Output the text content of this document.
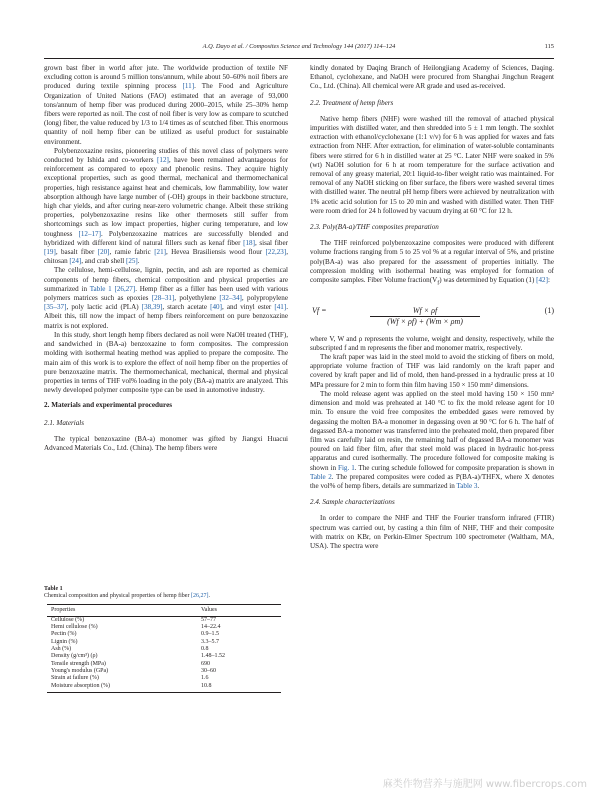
A.Q. Dayo et al. / Composites Science and Technology 144 (2017) 114–124	115

grown bast fiber in world after jute. The worldwide production of textile NF excluding cotton is around 5 million tons/annum, while about 50–60% noil fibers are produced during textile spinning process [11]. The Food and Agriculture Organization of United Nations (FAO) estimated that an average of 93,000 tons/annum of hemp fiber was produced during 2000–2015, while 25–30% hemp fibers were reported as noil. The cost of noil fiber is very low as compare to scutched (long) fiber, the value reduced by 1/3 to 1/4 times as of scutched fiber. This enormous quantity of noil hemp fiber can be utilized as useful product for sustainable environment.

Polybenzoxazine resins, pioneering studies of this novel class of polymers were conducted by Ishida and co-workers [12], have been remained advantageous for reinforcement as compared to epoxy and phenolic resins. They acquire highly exceptional properties, such as good thermal, mechanical and thermomechanical properties, high resistance against heat and chemicals, low flammability, low water absorption although have large number of (-OH) groups in their backbone structure, high char yields, and after curing near-zero volumetric change. Albeit these striking properties, polybenzoxazine resins like other thermosets still suffer from shortcomings such as low impact properties, higher curing temperature, and low toughness [12–17]. Polybenzoxazine matrices are successfully blended and hybridized with different kind of natural fillers such as kenaf fiber [18], sisal fiber [19], basalt fiber [20], ramie fabric [21], Hevea Brasiliensis wood flour [22,23], chitosan [24], and crab shell [25].

The cellulose, hemi-cellulose, lignin, pectin, and ash are reported as chemical components of hemp fibers, chemical composition and physical properties are summarized in Table 1 [26,27]. Hemp fiber as a filler has been used with various polymers matrices such as epoxies [28–31], polyethylene [32–34], polypropylene [35–37], poly lactic acid (PLA) [38,39], starch acetate [40], and vinyl ester [41]. Albeit this, till now the impact of hemp fibers reinforcement on pure benzoxazine matrix is not explored.

In this study, short length hemp fibers declared as noil were NaOH treated (THF), and sandwiched in (BA-a) benzoxazine to form composites. The compression molding with isothermal heating method was applied to prepare the composite. The main aim of this work is to explore the effect of noil hemp fiber on the properties of pure benzoxazine matrix. The thermomechanical, mechanical, thermal and physical properties in terms of THF vol% loading in the poly (BA-a) matrix are analyzed. This newly developed polymer composite type can be used in automotive industry.

2. Materials and experimental procedures
2.1. Materials

The typical benzoxazine (BA-a) monomer was gifted by Jiangxi Huacui Advanced Materials Co., Ltd. (China). The hemp fibers were

Table 1
Chemical composition and physical properties of hemp fiber [26,27].
Properties	Values
Cellulose (%)	57–77
Hemi cellulose (%)	14–22.4
Pectin (%)	0.9–1.5
Lignin (%)	3.3–5.7
Ash (%)	0.8
Density (g/cm³) (ρ)	1.48–1.52
Tensile strength (MPa)	690
Young's modulus (GPa)	30–60
Strain at failure (%)	1.6
Moisture absorption (%)	10.8

kindly donated by Daqing Branch of Heilongjiang Academy of Sciences, Daqing. Ethanol, cyclohexane, and NaOH were procured from Shanghai Jingchun Reagent Co., Ltd. (China). All chemical were AR grade and used as-received.

2.2. Treatment of hemp fibers

Native hemp fibers (NHF) were washed till the removal of attached physical impurities with distilled water, and then shredded into 5 ± 1 mm length. The soxhlet extraction with ethanol/cyclohexane (1:1 v/v) for 6 h was applied for waxes and fats extraction from NHF. After extraction, for elimination of water-soluble contaminants fibers were stirred for 6 h in distilled water at 25 °C. Later NHF were soaked in 5% (wt) NaOH solution for 6 h at room temperature for the surface activation and removal of any greasy material, 20:1 liquid-to-fiber weight ratio was maintained. For removal of any NaOH sticking on fiber surface, the fibers were washed several times with distilled water. The neutral pH hemp fibers were achieved by neutralization with 1% acetic acid solution for 15 to 20 min and washed with distilled water. Then THF were room dried for 24 h followed by vacuum drying at 60 °C for 12 h.

2.3. Poly(BA-a)/THF composites preparation

The THF reinforced polybenzoxazine composites were produced with different volume fractions ranging from 5 to 25 vol % at a regular interval of 5%, and pristine poly(BA-a) was also prepared for the assessment of properties initially. The compression molding with isothermal heating was employed for formation of composite samples. Fiber Volume $fraction(V_f)$ was determined by Equation (1) [42]:

Vf =	Wf × ρf
(Wf × ρf) + (Wm × ρm)
(1)

where V, W and ρ represents the volume, weight and density, respectively, while the subscripted f and m represents the fiber and monomer matrix, respectively.

The kraft paper was laid in the steel mold to avoid the sticking of fibers on mold, appropriate volume fraction of THF was laid randomly on the kraft paper and covered by kraft paper and lid of mold, then hand-pressed in a hydraulic press at 10 MPa pressure for 2 min to form thin film having 150 × 150 mm² dimensions.

The mold release agent was applied on the steel mold having 150 × 150 mm² dimension and mold was preheated at 140 °C to fix the mold release agent for 10 min. To ensure the void free composites the embedded gases were removed by degassing the molten BA-a monomer in degassing oven at 90 °C for 6 h. The half of degassed BA-a monomer was transferred into the preheated mold, then prepared fiber film was carefully laid on resin, the remaining half of degassed BA-a monomer was poured on laid fiber film, after that steel mold was placed in hydraulic hot-press apparatus and cured isothermally. The procedure followed for composite making is shown in Fig. 1. The curing schedule followed for composite preparation is shown in Table 2. The prepared composites were coded as P(BA-a)/THFX, where X denotes the vol% of hemp fibers, details are summarized in Table 3.

2.4. Sample characterizations

In order to compare the NHF and THF the Fourier transform infrared (FTIR) spectrum was carried out, by casting a thin film of NHF, THF and their composite with matrix on KBr, on Perkin-Elmer Spectrum 100 spectrometer (Waltham, MA, USA). The spectra were

麻类作物营养与施肥网 www.fibercrops.com
